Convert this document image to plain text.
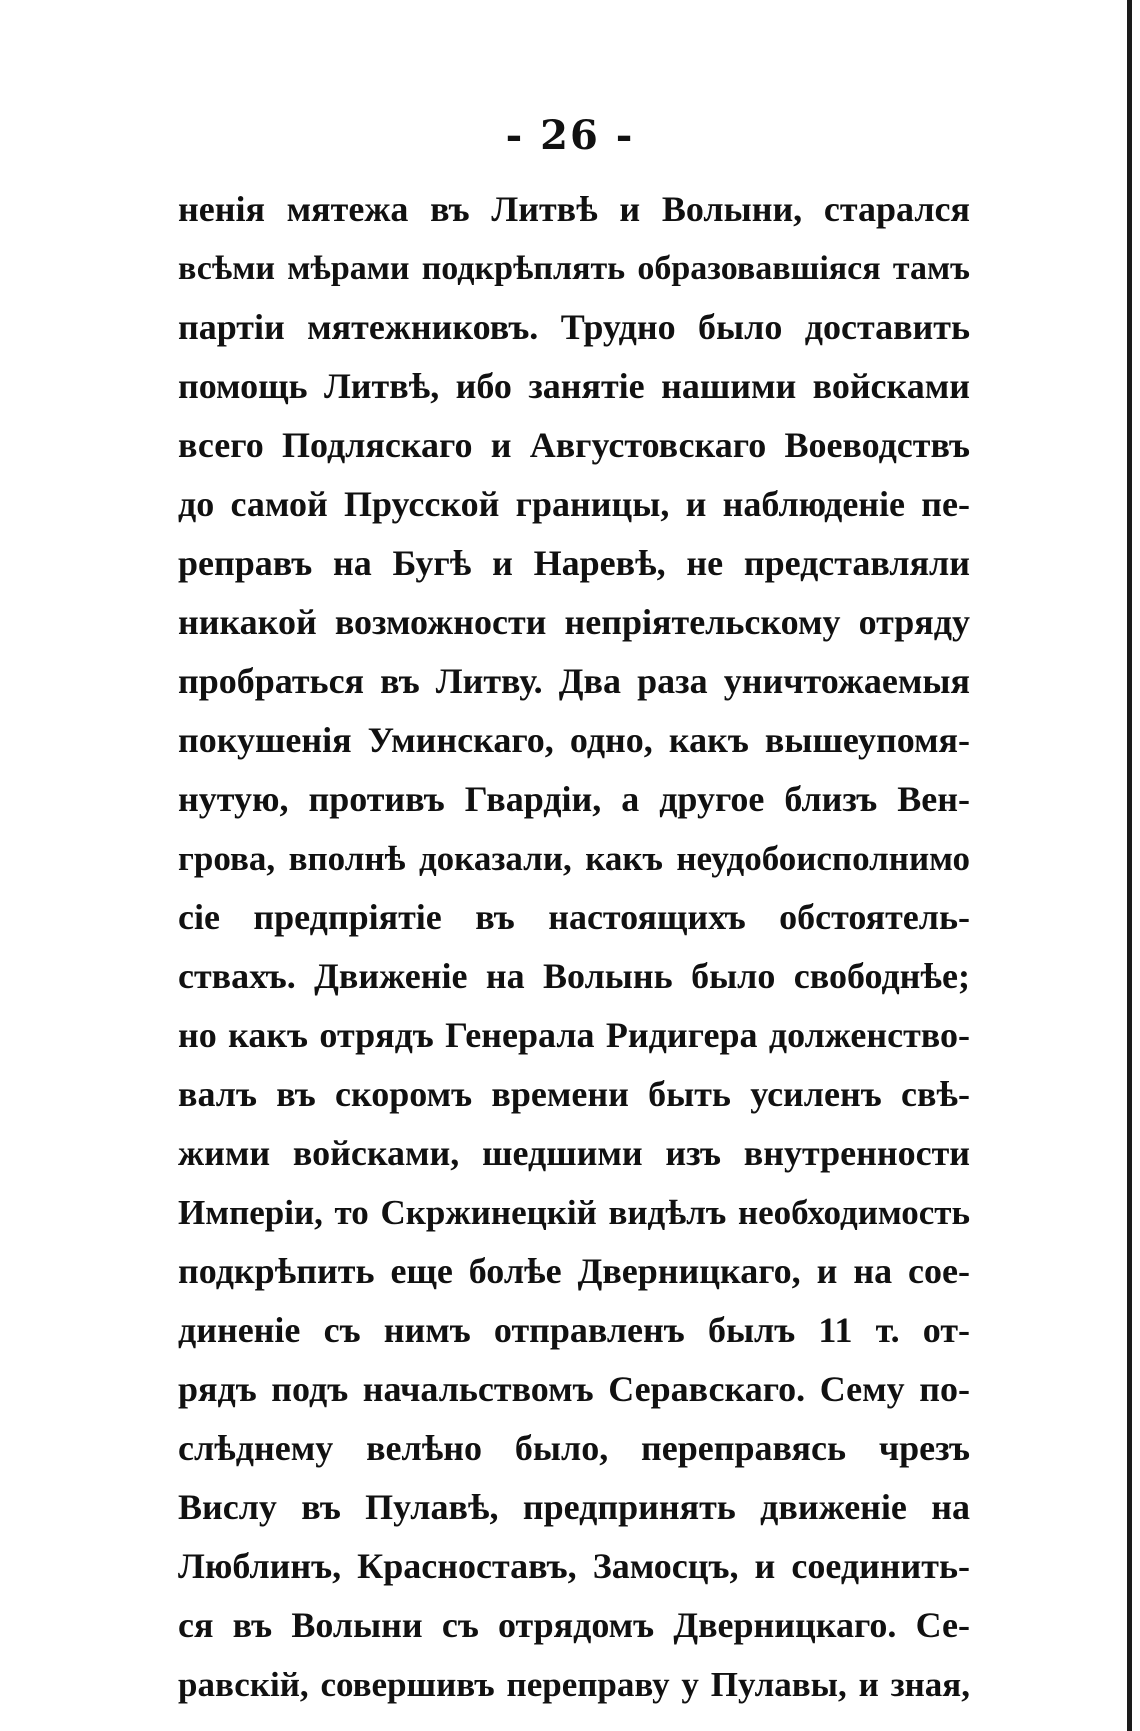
- 26 -
ненія мятежа въ Литвѣ и Волыни, старался
всѣми мѣрами подкрѣплять образовавшіяся тамъ
партіи мятежниковъ. Трудно было доставить
помощь Литвѣ, ибо занятіе нашими войсками
всего Подляскаго и Августовскаго Воеводствъ
до самой Прусской границы, и наблюденіе пе-
реправъ на Бугѣ и Наревѣ, не представляли
никакой возможности непріятельскому отряду
пробраться въ Литву. Два раза уничтожаемыя
покушенія Уминскаго, одно, какъ вышеупомя-
нутую, противъ Гвардіи, а другое близъ Вен-
грова, вполнѣ доказали, какъ неудобоисполнимо
сіе предпріятіе въ настоящихъ обстоятель-
ствахъ. Движеніе на Волынь было свободнѣе;
но какъ отрядъ Генерала Ридигера долженство-
валъ въ скоромъ времени быть усиленъ свѣ-
жими войсками, шедшими изъ внутренности
Имперіи, то Скржинецкій видѣлъ необходимость
подкрѣпить еще болѣе Дверницкаго, и на сое-
диненіе съ нимъ отправленъ былъ 11 т. от-
рядъ подъ начальствомъ Серавскаго. Сему по-
слѣднему велѣно было, переправясь чрезъ
Вислу въ Пулавѣ, предпринять движеніе на
Люблинъ, Красноставъ, Замосцъ, и соединить-
ся въ Волыни съ отрядомъ Дверницкаго. Се-
равскій, совершивъ переправу у Пулавы, и зная,
